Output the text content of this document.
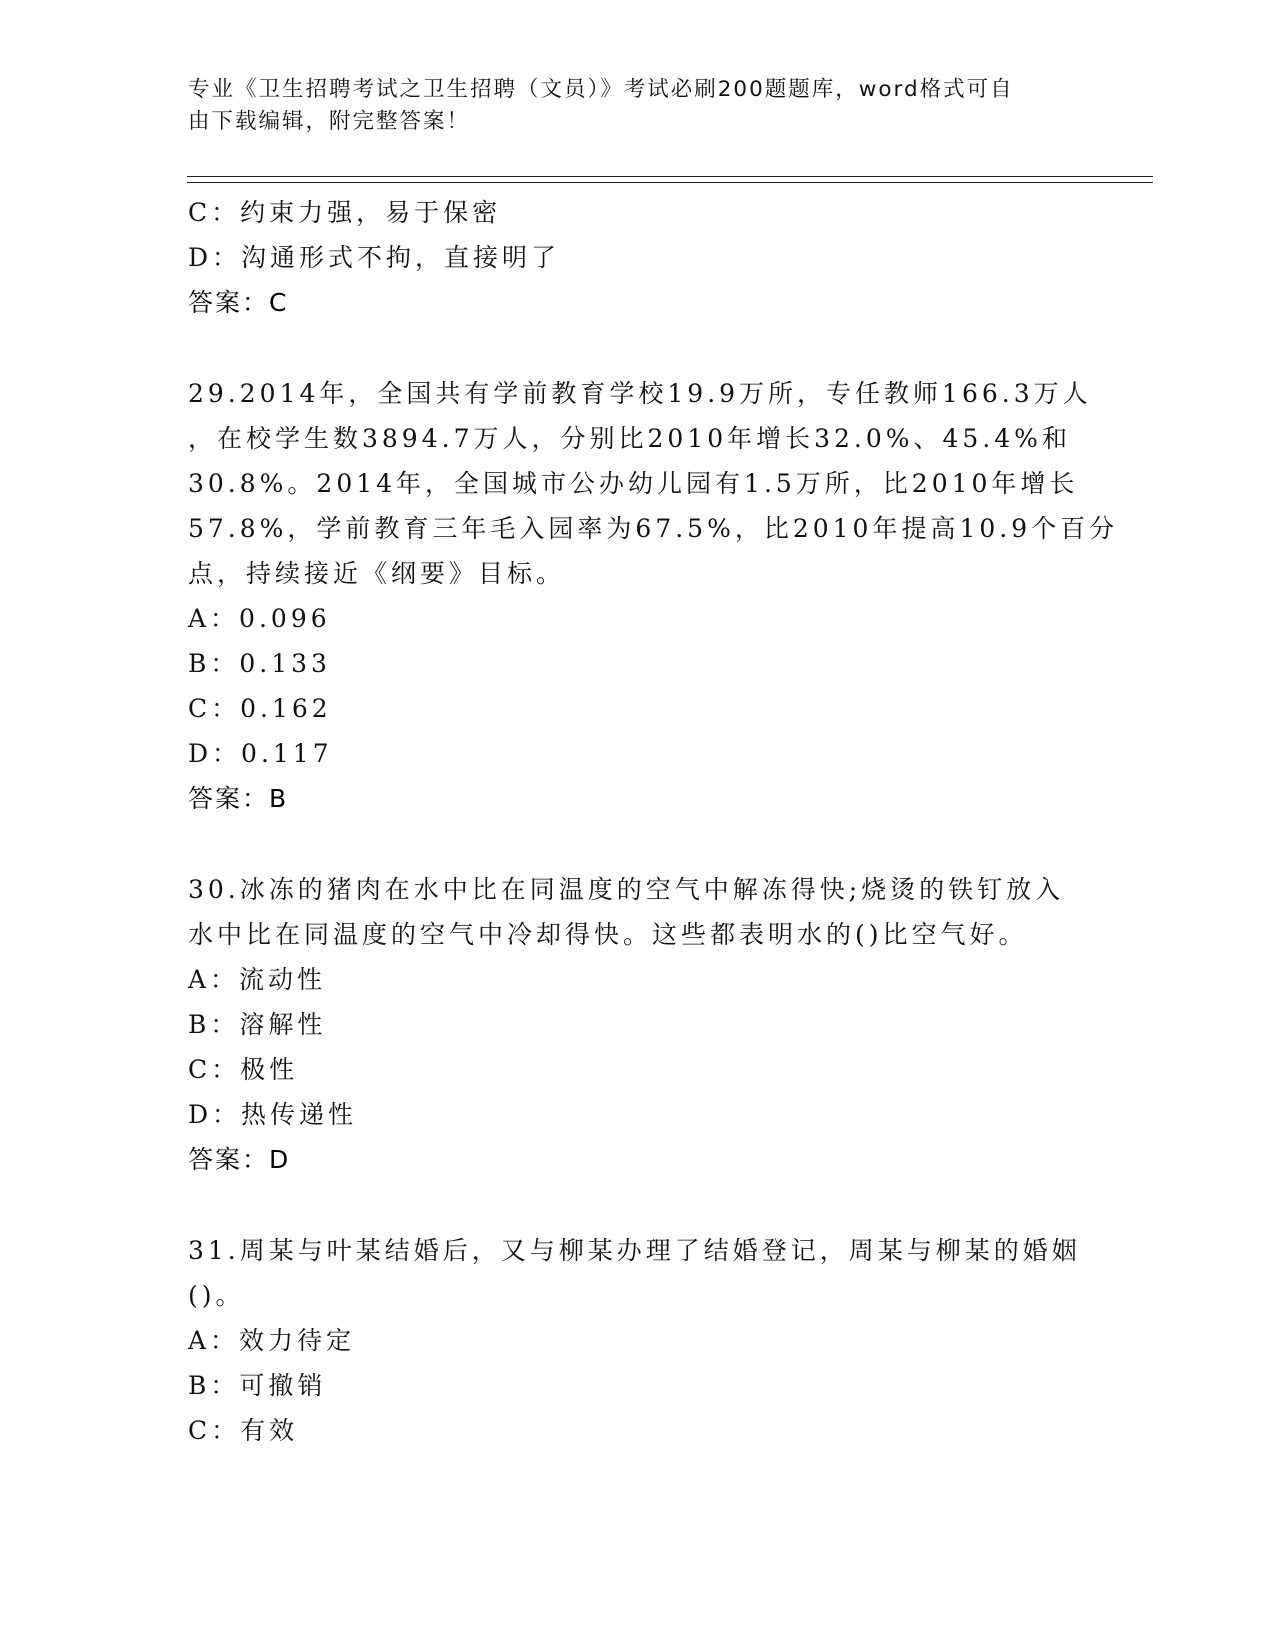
专业《卫生招聘考试之卫生招聘（文员）》考试必刷200题题库，word格式可自
由下载编辑，附完整答案！
C：约束力强，易于保密
D：沟通形式不拘，直接明了
答案：C
29.2014年，全国共有学前教育学校19.9万所，专任教师166.3万人
，在校学生数3894.7万人，分别比2010年增长32.0%、45.4%和
30.8%。2014年，全国城市公办幼儿园有1.5万所，比2010年增长
57.8%，学前教育三年毛入园率为67.5%，比2010年提高10.9个百分
点，持续接近《纲要》目标。
A：0.096
B：0.133
C：0.162
D：0.117
答案：B
30.冰冻的猪肉在水中比在同温度的空气中解冻得快;烧烫的铁钉放入
水中比在同温度的空气中冷却得快。这些都表明水的()比空气好。
A：流动性
B：溶解性
C：极性
D：热传递性
答案：D
31.周某与叶某结婚后，又与柳某办理了结婚登记，周某与柳某的婚姻
()。
A：效力待定
B：可撤销
C：有效
